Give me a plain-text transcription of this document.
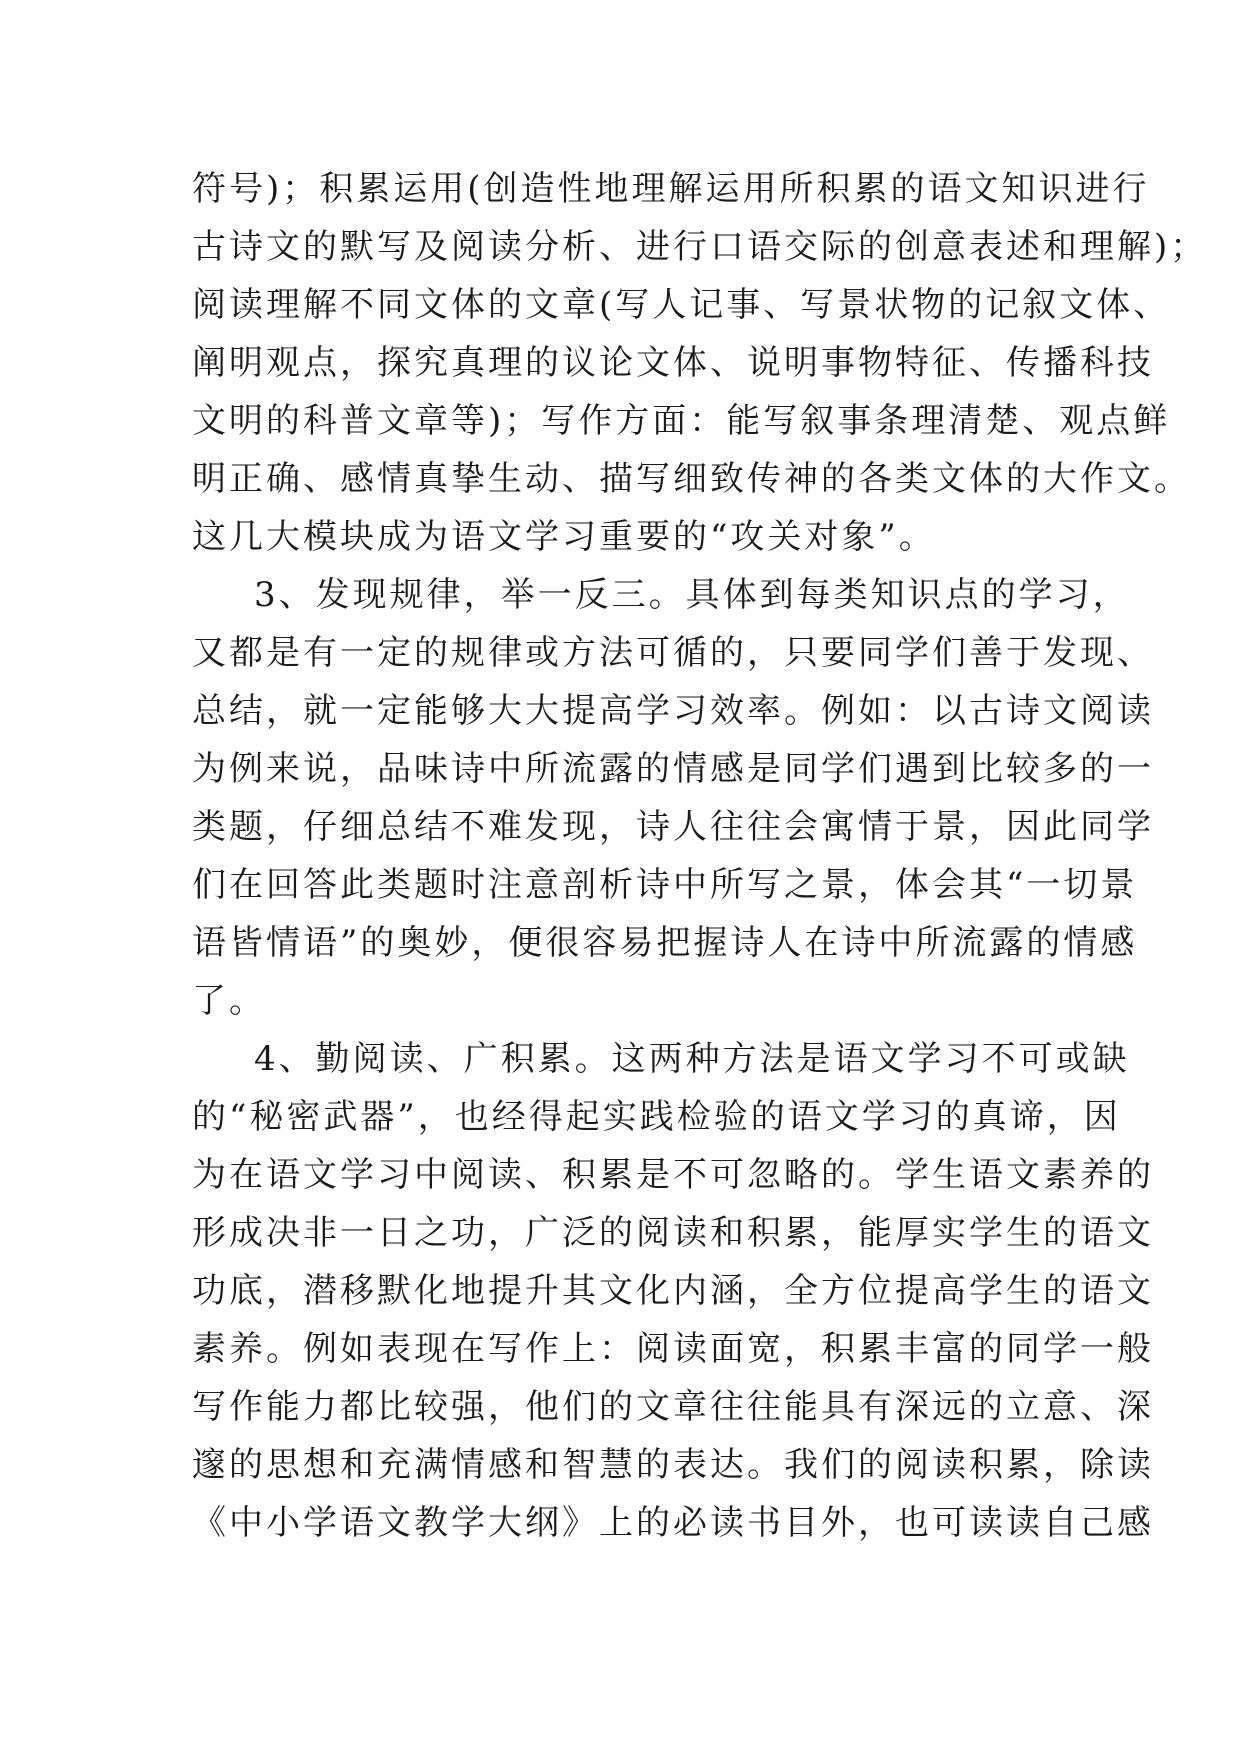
符号)；积累运用(创造性地理解运用所积累的语文知识进行
古诗文的默写及阅读分析、进行口语交际的创意表述和理解)；
阅读理解不同文体的文章(写人记事、写景状物的记叙文体、
阐明观点，探究真理的议论文体、说明事物特征、传播科技
文明的科普文章等)；写作方面：能写叙事条理清楚、观点鲜
明正确、感情真挚生动、描写细致传神的各类文体的大作文。
这几大模块成为语文学习重要的“攻关对象”。
3、发现规律，举一反三。具体到每类知识点的学习，
又都是有一定的规律或方法可循的，只要同学们善于发现、
总结，就一定能够大大提高学习效率。例如：以古诗文阅读
为例来说，品味诗中所流露的情感是同学们遇到比较多的一
类题，仔细总结不难发现，诗人往往会寓情于景，因此同学
们在回答此类题时注意剖析诗中所写之景，体会其“一切景
语皆情语”的奥妙，便很容易把握诗人在诗中所流露的情感
了。
4、勤阅读、广积累。这两种方法是语文学习不可或缺
的“秘密武器”，也经得起实践检验的语文学习的真谛，因
为在语文学习中阅读、积累是不可忽略的。学生语文素养的
形成决非一日之功，广泛的阅读和积累，能厚实学生的语文
功底，潜移默化地提升其文化内涵，全方位提高学生的语文
素养。例如表现在写作上：阅读面宽，积累丰富的同学一般
写作能力都比较强，他们的文章往往能具有深远的立意、深
邃的思想和充满情感和智慧的表达。我们的阅读积累，除读
《中小学语文教学大纲》上的必读书目外，也可读读自己感
